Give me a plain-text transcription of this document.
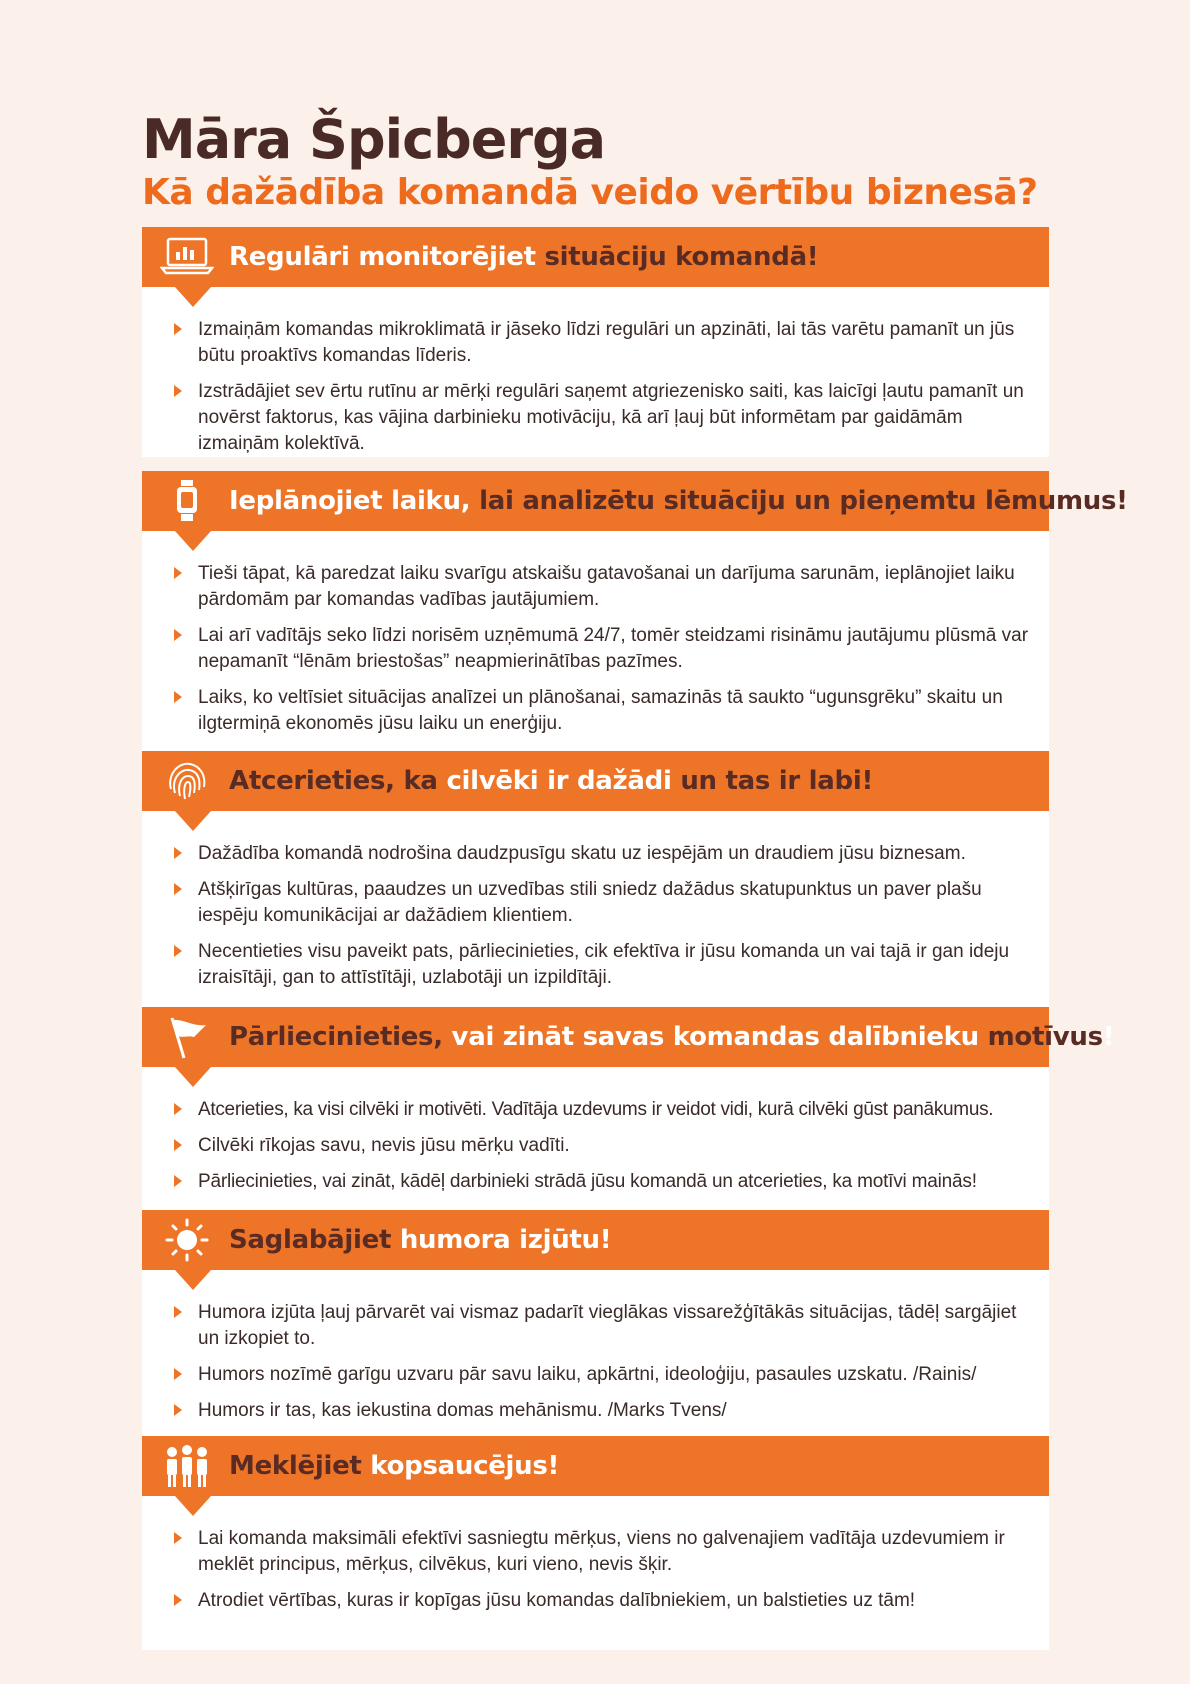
Māra Špicberga
Kā dažādība komandā veido vērtību biznesā?
Regulāri monitorējiet situāciju komandā!
Izmaiņām komandas mikroklimatā ir jāseko līdzi regulāri un apzināti, lai tās varētu pamanīt un jūs būtu proaktīvs komandas līderis.
Izstrādājiet sev ērtu rutīnu ar mērķi regulāri saņemt atgriezenisko saiti, kas laicīgi ļautu pamanīt un novērst faktorus, kas vājina darbinieku motivāciju, kā arī ļauj būt informētam par gaidāmām izmaiņām kolektīvā.
Ieplānojiet laiku, lai analizētu situāciju un pieņemtu lēmumus!
Tieši tāpat, kā paredzat laiku svarīgu atskaišu gatavošanai un darījuma sarunām, ieplānojiet laiku pārdomām par komandas vadības jautājumiem.
Lai arī vadītājs seko līdzi norisēm uzņēmumā 24/7, tomēr steidzami risināmu jautājumu plūsmā var nepamanīt “lēnām briestošas” neapmierinātības pazīmes.
Laiks, ko veltīsiet situācijas analīzei un plānošanai, samazinās tā saukto “ugunsgrēku” skaitu un ilgtermiņā ekonomēs jūsu laiku un enerģiju.
Atcerieties, ka cilvēki ir dažādi un tas ir labi!
Dažādība komandā nodrošina daudzpusīgu skatu uz iespējām un draudiem jūsu biznesam.
Atšķirīgas kultūras, paaudzes un uzvedības stili sniedz dažādus skatupunktus un paver plašu iespēju komunikācijai ar dažādiem klientiem.
Necentieties visu paveikt pats, pārliecinieties, cik efektīva ir jūsu komanda un vai tajā ir gan ideju izraisītāji, gan to attīstītāji, uzlabotāji un izpildītāji.
Pārliecinieties, vai zināt savas komandas dalībnieku motīvus!
Atcerieties, ka visi cilvēki ir motivēti. Vadītāja uzdevums ir veidot vidi, kurā cilvēki gūst panākumus.
Cilvēki rīkojas savu, nevis jūsu mērķu vadīti.
Pārliecinieties, vai zināt, kādēļ darbinieki strādā jūsu komandā un atcerieties, ka motīvi mainās!
Saglabājiet humora izjūtu!
Humora izjūta ļauj pārvarēt vai vismaz padarīt vieglākas vissarežģītākās situācijas, tādēļ sargājiet un izkopiet to.
Humors nozīmē garīgu uzvaru pār savu laiku, apkārtni, ideoloģiju, pasaules uzskatu. /Rainis/
Humors ir tas, kas iekustina domas mehānismu. /Marks Tvens/
Meklējiet kopsaucējus!
Lai komanda maksimāli efektīvi sasniegtu mērķus, viens no galvenajiem vadītāja uzdevumiem ir meklēt principus, mērķus, cilvēkus, kuri vieno, nevis šķir.
Atrodiet vērtības, kuras ir kopīgas jūsu komandas dalībniekiem, un balstieties uz tām!
